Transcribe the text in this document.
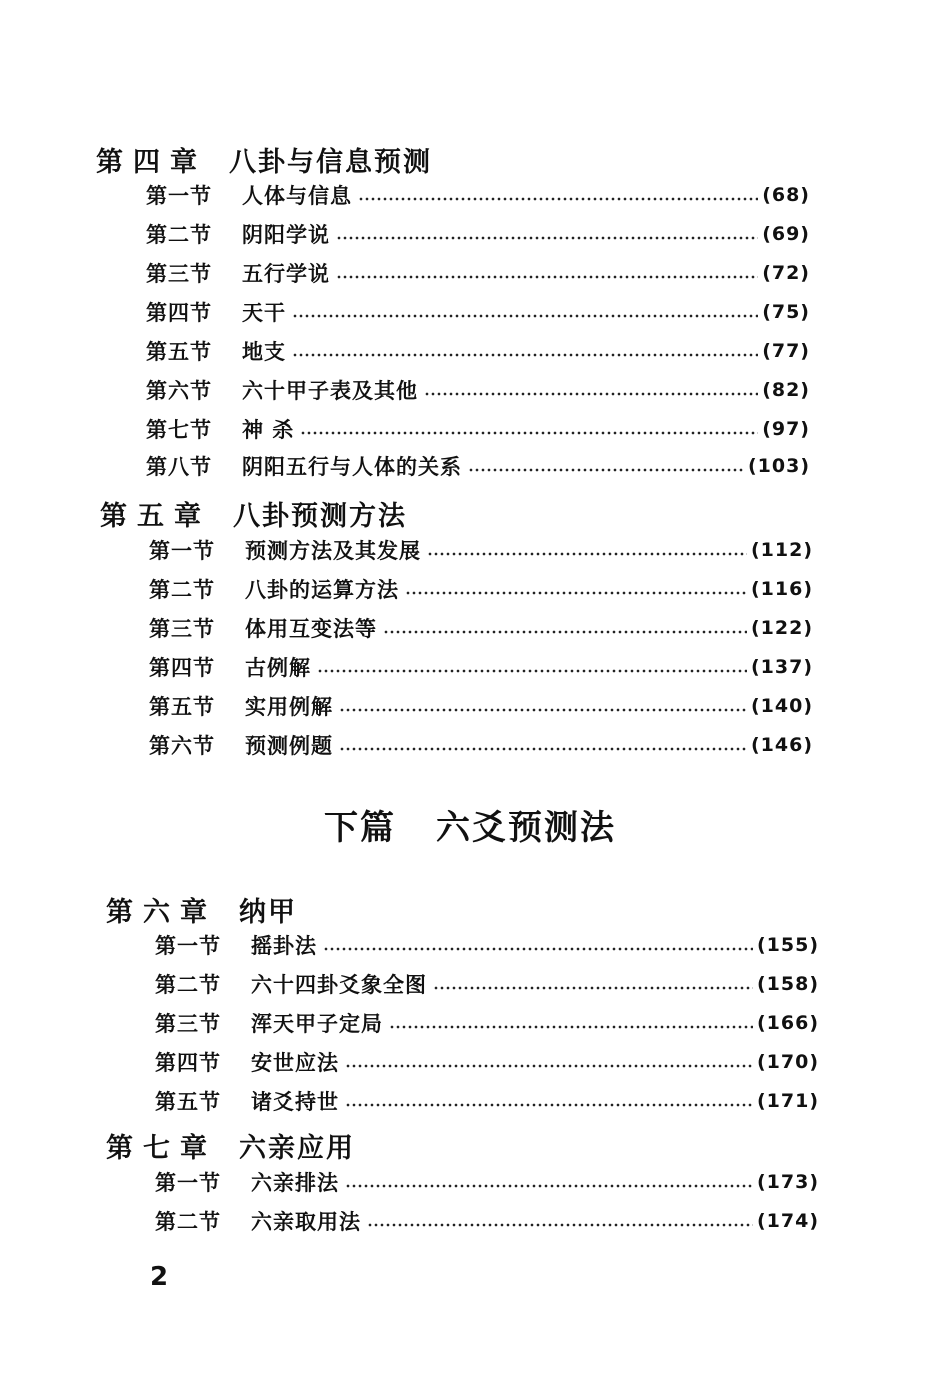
第四章 八卦与信息预测
第一节	人体与信息	(68)
第二节	阴阳学说	(69)
第三节	五行学说	(72)
第四节	天干	(75)
第五节	地支	(77)
第六节	六十甲子表及其他	(82)
第七节	神 杀	(97)
第八节	阴阳五行与人体的关系	(103)
第五章 八卦预测方法
第一节	预测方法及其发展	(112)
第二节	八卦的运算方法	(116)
第三节	体用互变法等	(122)
第四节	古例解	(137)
第五节	实用例解	(140)
第六节	预测例题	(146)
下篇 六爻预测法
第六章 纳甲
第一节	摇卦法	(155)
第二节	六十四卦爻象全图	(158)
第三节	浑天甲子定局	(166)
第四节	安世应法	(170)
第五节	诸爻持世	(171)
第七章 六亲应用
第一节	六亲排法	(173)
第二节	六亲取用法	(174)
2
